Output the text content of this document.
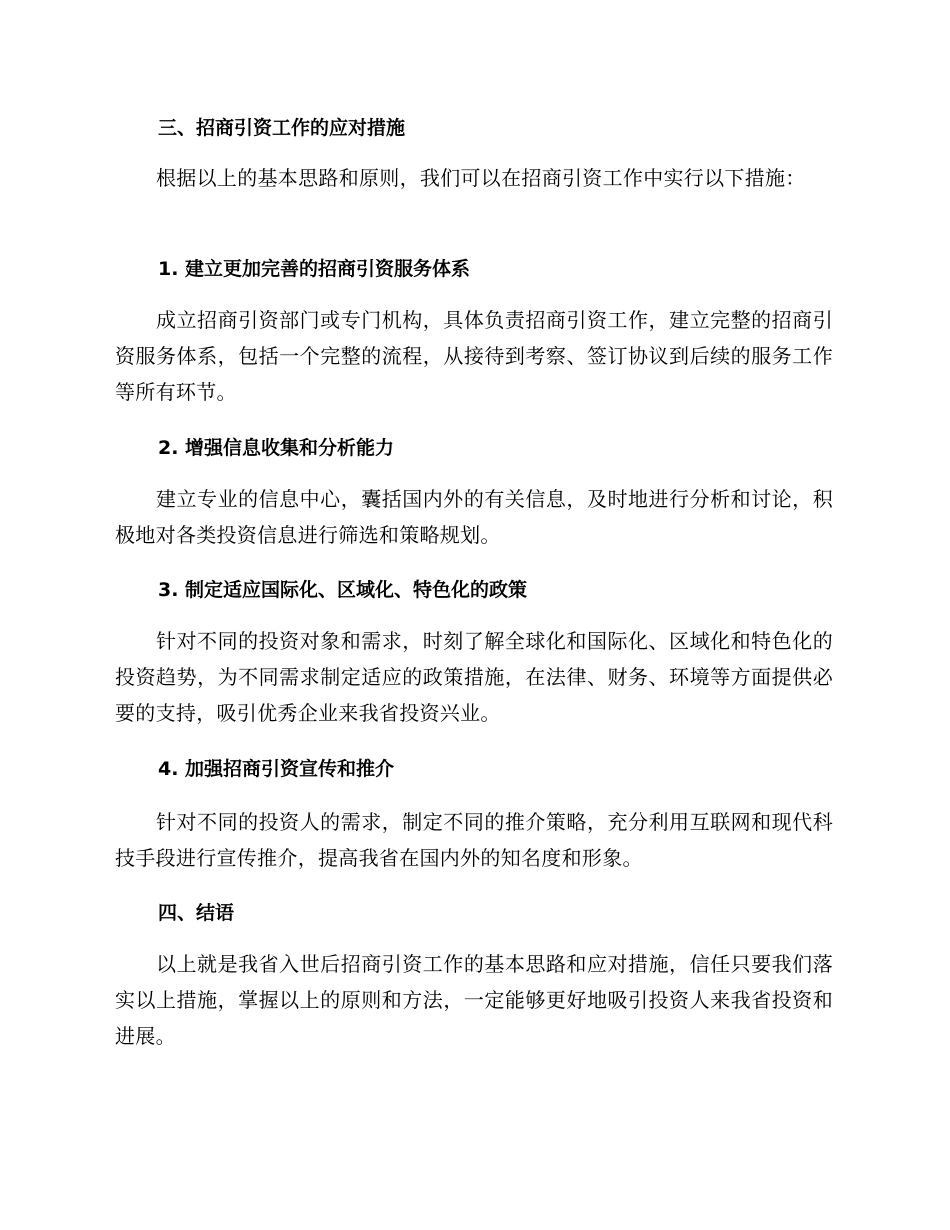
三、招商引资工作的应对措施
根据以上的基本思路和原则，我们可以在招商引资工作中实行以下措施：
1. 建立更加完善的招商引资服务体系
成立招商引资部门或专门机构，具体负责招商引资工作，建立完整的招商引资服务体系，包括一个完整的流程，从接待到考察、签订协议到后续的服务工作等所有环节。
2. 增强信息收集和分析能力
建立专业的信息中心，囊括国内外的有关信息，及时地进行分析和讨论，积极地对各类投资信息进行筛选和策略规划。
3. 制定适应国际化、区域化、特色化的政策
针对不同的投资对象和需求，时刻了解全球化和国际化、区域化和特色化的投资趋势，为不同需求制定适应的政策措施，在法律、财务、环境等方面提供必要的支持，吸引优秀企业来我省投资兴业。
4. 加强招商引资宣传和推介
针对不同的投资人的需求，制定不同的推介策略，充分利用互联网和现代科技手段进行宣传推介，提高我省在国内外的知名度和形象。
四、结语
以上就是我省入世后招商引资工作的基本思路和应对措施，信任只要我们落实以上措施，掌握以上的原则和方法，一定能够更好地吸引投资人来我省投资和进展。
